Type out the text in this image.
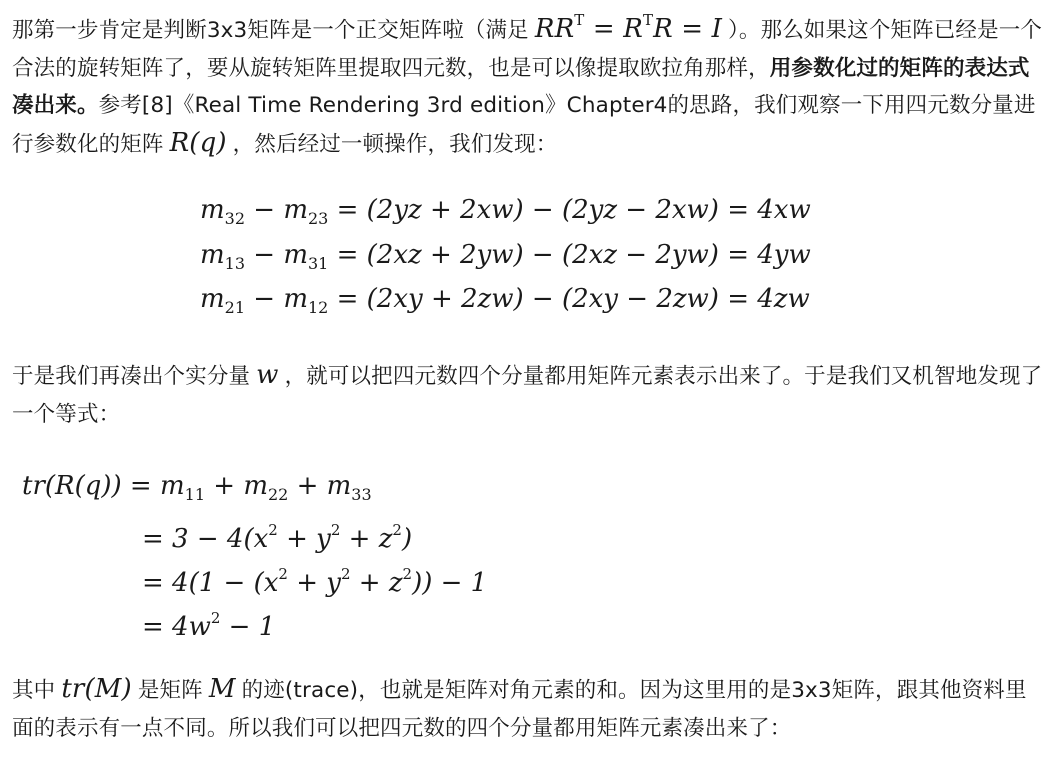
那第一步肯定是判断3x3矩阵是一个正交矩阵啦（满足 $RR^T = R^TR = I$ ）。那么如果这个矩阵已经是一个合法的旋转矩阵了，要从旋转矩阵里提取四元数，也是可以像提取欧拉角那样，用参数化过的矩阵的表达式凑出来。参考[8]《Real Time Rendering 3rd edition》Chapter4的思路，我们观察一下用四元数分量进行参数化的矩阵 R(q) ，然后经过一顿操作，我们发现：

$m_{32} - m_{23} = (2yz + 2xw) - (2yz - 2xw) = 4xw$
$m_{13} - m_{31} = (2xz + 2yw) - (2xz - 2yw) = 4yw$
$m_{21} - m_{12} = (2xy + 2zw) - (2xy - 2zw) = 4zw$

于是我们再凑出个实分量 w ，就可以把四元数四个分量都用矩阵元素表示出来了。于是我们又机智地发现了一个等式：

$tr(R(q)) = m_{11} + m_{22} + m_{33}$
= $3 - 4(x^2 + y^2 + z^2)$
= $4(1 - (x^2 + y^2 + z^2)) - 1$
= $4w^2 - 1$

其中 tr(M) 是矩阵 M 的迹(trace)，也就是矩阵对角元素的和。因为这里用的是3x3矩阵，跟其他资料里面的表示有一点不同。所以我们可以把四元数的四个分量都用矩阵元素凑出来了：
